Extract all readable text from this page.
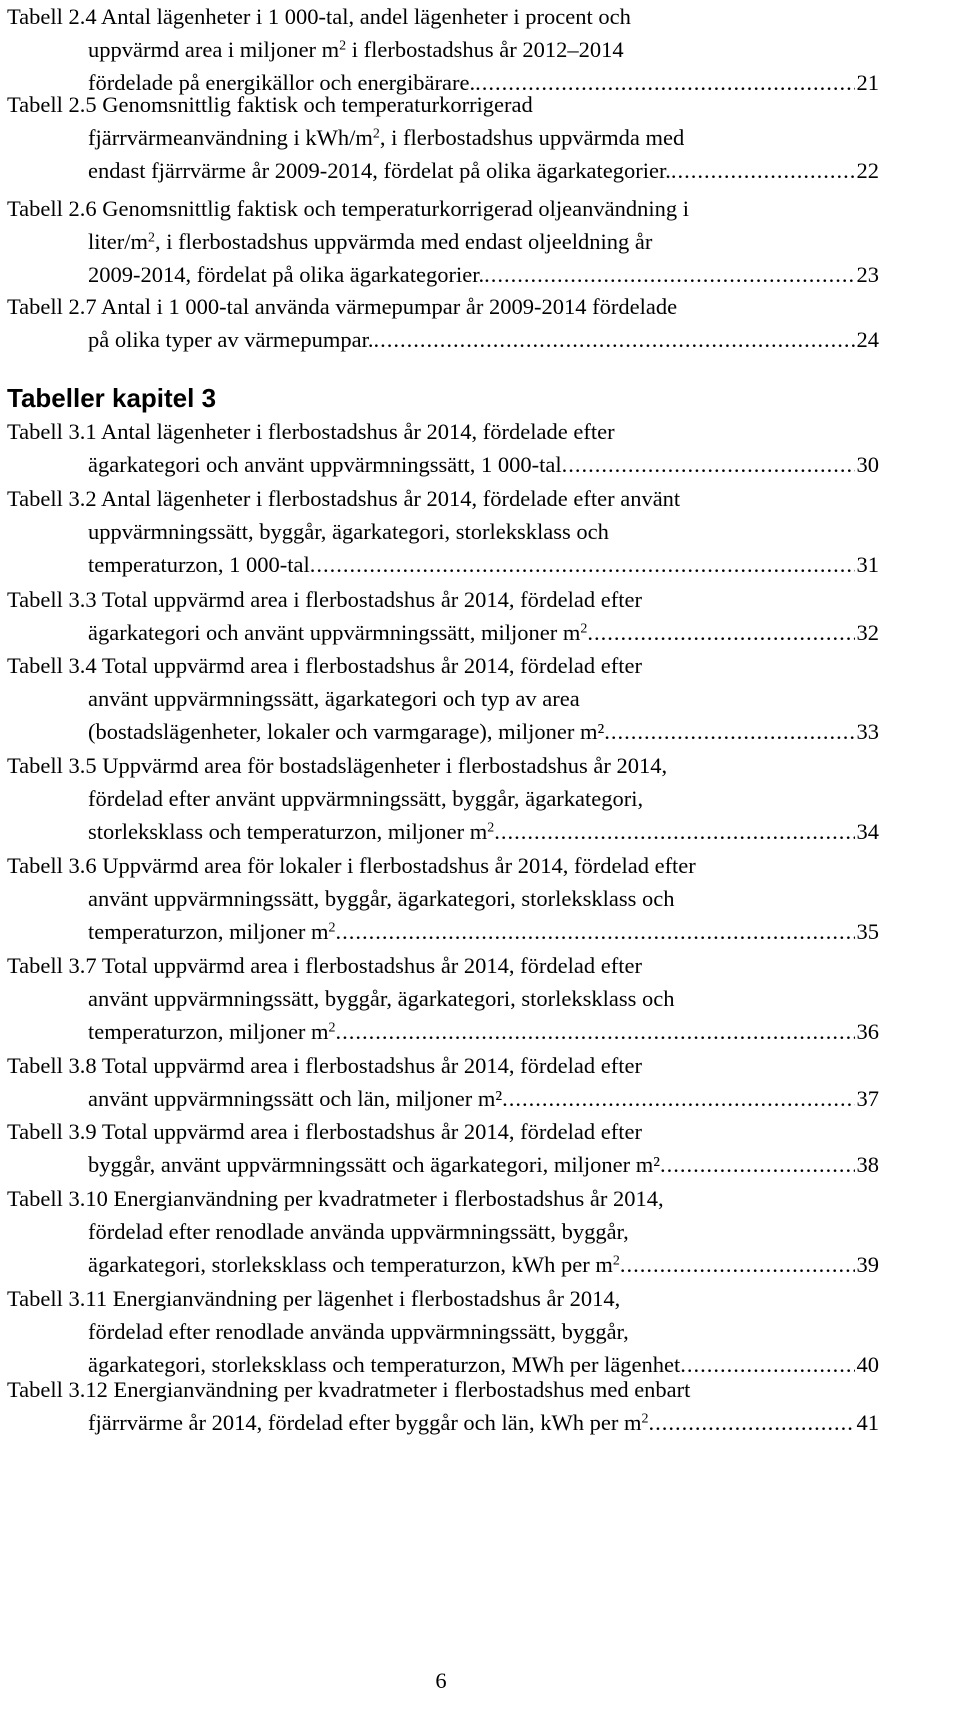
Tabell 2.4 Antal lägenheter i 1 000-tal, andel lägenheter i procent och
uppvärmd area i miljoner $m^2$ i flerbostadshus år 2012–2014
fördelade på energikällor och energibärare. .....	21
Tabell 2.5 Genomsnittlig faktisk och temperaturkorrigerad
fjärrvärmeanvändning i kWh/$m^2$, i flerbostadshus uppvärmda med
endast fjärrvärme år 2009-2014, fördelat på olika ägarkategorier. .....	22
Tabell 2.6 Genomsnittlig faktisk och temperaturkorrigerad oljeanvändning i
liter/$m^2$, i flerbostadshus uppvärmda med endast oljeeldning år
2009-2014, fördelat på olika ägarkategorier. .....	23
Tabell 2.7 Antal i 1 000-tal använda värmepumpar år 2009-2014 fördelade
på olika typer av värmepumpar. .....	24
Tabeller kapitel 3
Tabell 3.1 Antal lägenheter i flerbostadshus år 2014, fördelade efter
ägarkategori och använt uppvärmningssätt, 1 000-tal .....	30
Tabell 3.2 Antal lägenheter i flerbostadshus år 2014, fördelade efter använt
uppvärmningssätt, byggår, ägarkategori, storleksklass och
temperaturzon, 1 000-tal .....	31
Tabell 3.3 Total uppvärmd area i flerbostadshus år 2014, fördelad efter
ägarkategori och använt uppvärmningssätt, miljoner $m^2$ .....	32
Tabell 3.4 Total uppvärmd area i flerbostadshus år 2014, fördelad efter
använt uppvärmningssätt, ägarkategori och typ av area
(bostadslägenheter, lokaler och varmgarage), miljoner m² .....	33
Tabell 3.5 Uppvärmd area för bostadslägenheter i flerbostadshus år 2014,
fördelad efter använt uppvärmningssätt, byggår, ägarkategori,
storleksklass och temperaturzon, miljoner $m^2$ .....	34
Tabell 3.6 Uppvärmd area för lokaler i flerbostadshus år 2014, fördelad efter
använt uppvärmningssätt, byggår, ägarkategori, storleksklass och
temperaturzon, miljoner $m^2$ .....	35
Tabell 3.7 Total uppvärmd area i flerbostadshus år 2014, fördelad efter
använt uppvärmningssätt, byggår, ägarkategori, storleksklass och
temperaturzon, miljoner $m^2$ .....	36
Tabell 3.8 Total uppvärmd area i flerbostadshus år 2014, fördelad efter
använt uppvärmningssätt och län, miljoner m² .....	37
Tabell 3.9 Total uppvärmd area i flerbostadshus år 2014, fördelad efter
byggår, använt uppvärmningssätt och ägarkategori, miljoner m² .....	38
Tabell 3.10 Energianvändning per kvadratmeter i flerbostadshus år 2014,
fördelad efter renodlade använda uppvärmningssätt, byggår,
ägarkategori, storleksklass och temperaturzon, kWh per $m^2$ .....	39
Tabell 3.11 Energianvändning per lägenhet i flerbostadshus år 2014,
fördelad efter renodlade använda uppvärmningssätt, byggår,
ägarkategori, storleksklass och temperaturzon, MWh per lägenhet .....	40
Tabell 3.12 Energianvändning per kvadratmeter i flerbostadshus med enbart
fjärrvärme år 2014, fördelad efter byggår och län, kWh per $m^2$ .....	41
6
